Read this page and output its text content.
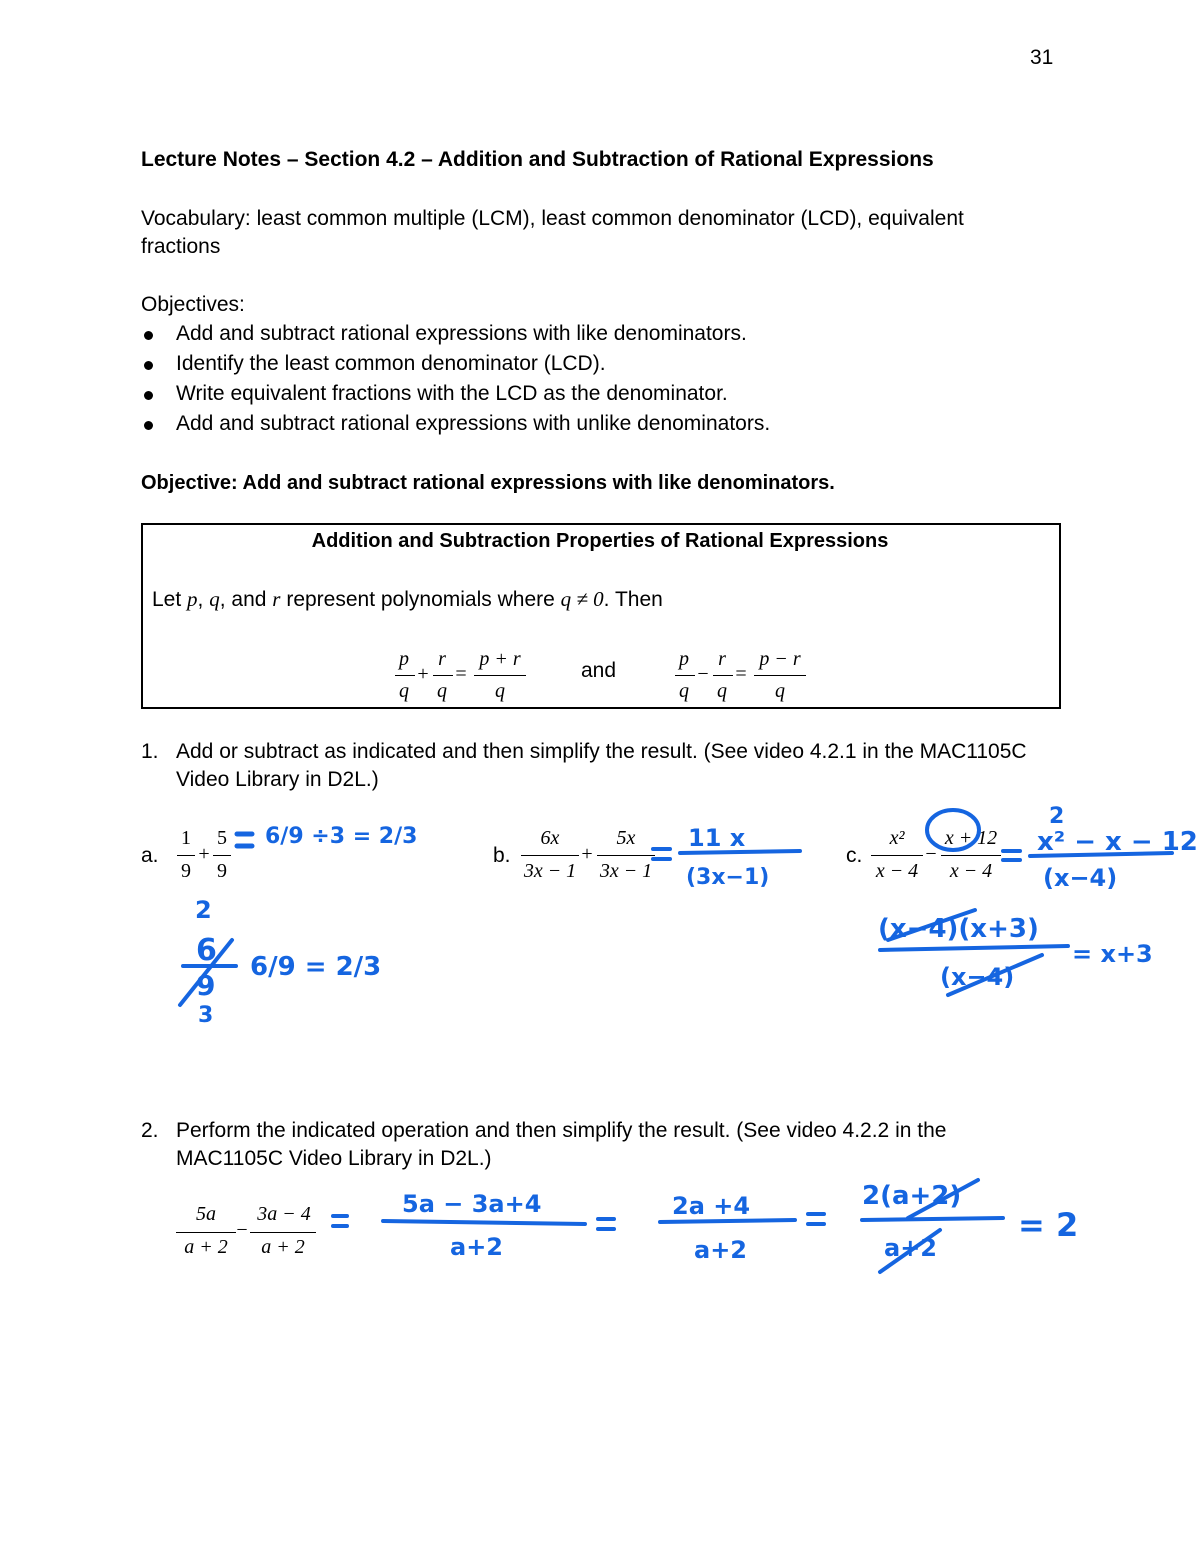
31
Lecture Notes – Section 4.2 – Addition and Subtraction of Rational Expressions
Vocabulary: least common multiple (LCM), least common denominator (LCD), equivalent
fractions
Objectives:
Add and subtract rational expressions with like denominators.
Identify the least common denominator (LCD).
Write equivalent fractions with the LCD as the denominator.
Add and subtract rational expressions with unlike denominators.
Objective: Add and subtract rational expressions with like denominators.
Addition and Subtraction Properties of Rational Expressions
Let p, q, and r represent polynomials where q ≠ 0. Then
p
q
+
r
q
=
p + r
q
and	p
q
−
r
q
=
p − r
q
1. Add or subtract as indicated and then simplify the result. (See video 4.2.1 in the MAC1105C
Video Library in D2L.)
a.
1
9
+
5
9
b.
6x
3x − 1
+
5x
3x − 1
c.
x²
x − 4
−
x + 12
x − 4
2. Perform the indicated operation and then simplify the result. (See video 4.2.2 in the
MAC1105C Video Library in D2L.)
5a
a + 2
−
3a − 4
a + 2
6/9 ÷3 = 2/3
2
6
9
3
6/9 = 2/3
11 x
(3x−1)
2
x² − x − 12
(x−4)
(x−4)(x+3)
(x−4)
= x+3
5a − 3a+4
a+2
2a +4
a+2
2(a+2)
a+2
= 2
